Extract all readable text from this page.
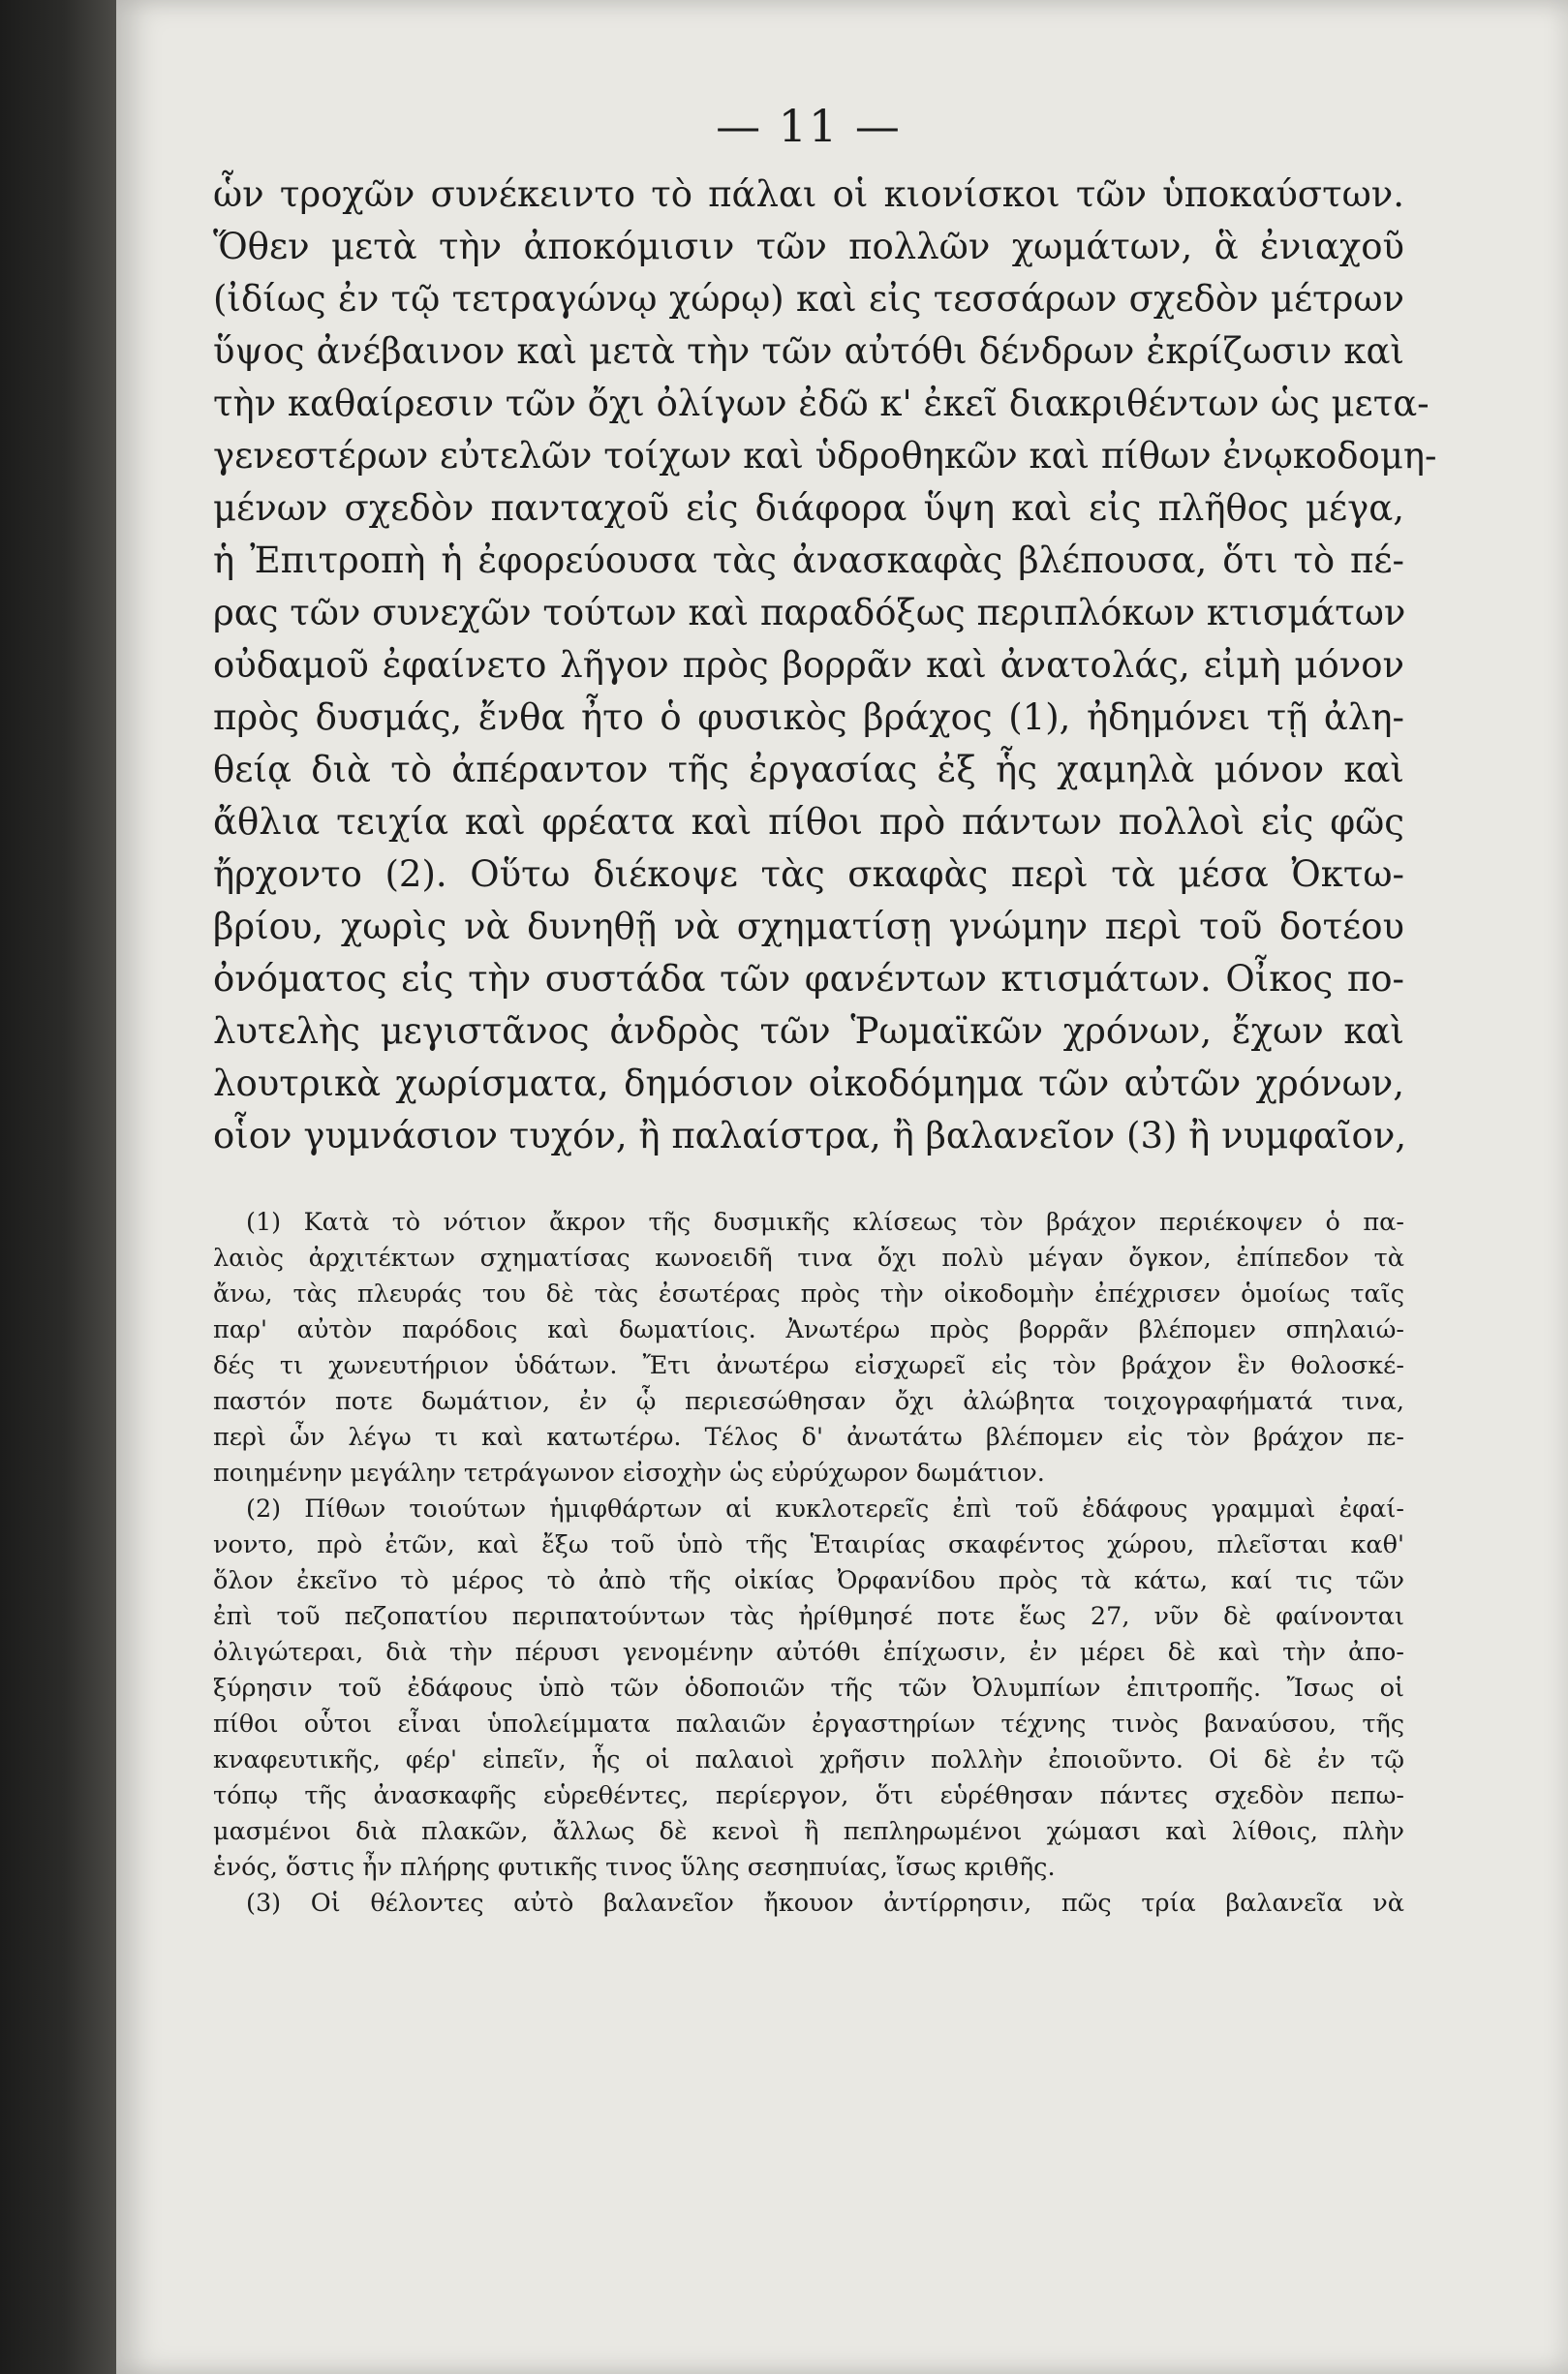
— 11 —
ὧν τροχῶν συνέκειντο τὸ πάλαι οἱ κιονίσκοι τῶν ὑποκαύστων.
Ὅθεν μετὰ τὴν ἀποκόμισιν τῶν πολλῶν χωμάτων, ἃ ἐνιαχοῦ
(ἰδίως ἐν τῷ τετραγώνῳ χώρῳ) καὶ εἰς τεσσάρων σχεδὸν μέτρων
ὕψος ἀνέβαινον καὶ μετὰ τὴν τῶν αὐτόθι δένδρων ἐκρίζωσιν καὶ
τὴν καθαίρεσιν τῶν ὄχι ὀλίγων ἐδῶ κ' ἐκεῖ διακριθέντων ὡς μετα-
γενεστέρων εὐτελῶν τοίχων καὶ ὑδροθηκῶν καὶ πίθων ἐνῳκοδομη-
μένων σχεδὸν πανταχοῦ εἰς διάφορα ὕψη καὶ εἰς πλῆθος μέγα,
ἡ Ἐπιτροπὴ ἡ ἐφορεύουσα τὰς ἀνασκαφὰς βλέπουσα, ὅτι τὸ πέ-
ρας τῶν συνεχῶν τούτων καὶ παραδόξως περιπλόκων κτισμάτων
οὐδαμοῦ ἐφαίνετο λῆγον πρὸς βορρᾶν καὶ ἀνατολάς, εἰμὴ μόνον
πρὸς δυσμάς, ἔνθα ἦτο ὁ φυσικὸς βράχος (1), ἠδημόνει τῇ ἀλη-
θείᾳ διὰ τὸ ἀπέραντον τῆς ἐργασίας ἐξ ἧς χαμηλὰ μόνον καὶ
ἄθλια τειχία καὶ φρέατα καὶ πίθοι πρὸ πάντων πολλοὶ εἰς φῶς
ἤρχοντο (2). Οὕτω διέκοψε τὰς σκαφὰς περὶ τὰ μέσα Ὀκτω-
βρίου, χωρὶς νὰ δυνηθῇ νὰ σχηματίσῃ γνώμην περὶ τοῦ δοτέου
ὀνόματος εἰς τὴν συστάδα τῶν φανέντων κτισμάτων. Οἶκος πο-
λυτελὴς μεγιστᾶνος ἀνδρὸς τῶν Ῥωμαϊκῶν χρόνων, ἔχων καὶ
λουτρικὰ χωρίσματα, δημόσιον οἰκοδόμημα τῶν αὐτῶν χρόνων,
οἷον γυμνάσιον τυχόν, ἢ παλαίστρα, ἢ βαλανεῖον (3) ἢ νυμφαῖον,
(1) Κατὰ τὸ νότιον ἄκρον τῆς δυσμικῆς κλίσεως τὸν βράχον περιέκοψεν ὁ πα-
λαιὸς ἀρχιτέκτων σχηματίσας κωνοειδῆ τινα ὄχι πολὺ μέγαν ὄγκον, ἐπίπεδον τὰ
ἄνω, τὰς πλευράς του δὲ τὰς ἐσωτέρας πρὸς τὴν οἰκοδομὴν ἐπέχρισεν ὁμοίως ταῖς
παρ' αὐτὸν παρόδοις καὶ δωματίοις. Ἀνωτέρω πρὸς βορρᾶν βλέπομεν σπηλαιώ-
δές τι χωνευτήριον ὑδάτων. Ἔτι ἀνωτέρω εἰσχωρεῖ εἰς τὸν βράχον ἓν θολοσκέ-
παστόν ποτε δωμάτιον, ἐν ᾧ περιεσώθησαν ὄχι ἀλώβητα τοιχογραφήματά τινα,
περὶ ὧν λέγω τι καὶ κατωτέρω. Τέλος δ' ἀνωτάτω βλέπομεν εἰς τὸν βράχον πε-
ποιημένην μεγάλην τετράγωνον εἰσοχὴν ὡς εὐρύχωρον δωμάτιον.
(2) Πίθων τοιούτων ἡμιφθάρτων αἱ κυκλοτερεῖς ἐπὶ τοῦ ἐδάφους γραμμαὶ ἐφαί-
νοντο, πρὸ ἐτῶν, καὶ ἔξω τοῦ ὑπὸ τῆς Ἑταιρίας σκαφέντος χώρου, πλεῖσται καθ'
ὅλον ἐκεῖνο τὸ μέρος τὸ ἀπὸ τῆς οἰκίας Ὀρφανίδου πρὸς τὰ κάτω, καί τις τῶν
ἐπὶ τοῦ πεζοπατίου περιπατούντων τὰς ἠρίθμησέ ποτε ἕως 27, νῦν δὲ φαίνονται
ὀλιγώτεραι, διὰ τὴν πέρυσι γενομένην αὐτόθι ἐπίχωσιν, ἐν μέρει δὲ καὶ τὴν ἀπο-
ξύρησιν τοῦ ἐδάφους ὑπὸ τῶν ὁδοποιῶν τῆς τῶν Ὀλυμπίων ἐπιτροπῆς. Ἴσως οἱ
πίθοι οὗτοι εἶναι ὑπολείμματα παλαιῶν ἐργαστηρίων τέχνης τινὸς βαναύσου, τῆς
κναφευτικῆς, φέρ' εἰπεῖν, ἧς οἱ παλαιοὶ χρῆσιν πολλὴν ἐποιοῦντο. Οἱ δὲ ἐν τῷ
τόπῳ τῆς ἀνασκαφῆς εὑρεθέντες, περίεργον, ὅτι εὑρέθησαν πάντες σχεδὸν πεπω-
μασμένοι διὰ πλακῶν, ἄλλως δὲ κενοὶ ἢ πεπληρωμένοι χώμασι καὶ λίθοις, πλὴν
ἑνός, ὅστις ἦν πλήρης φυτικῆς τινος ὕλης σεσηπυίας, ἴσως κριθῆς.
(3) Οἱ θέλοντες αὐτὸ βαλανεῖον ἤκουον ἀντίρρησιν, πῶς τρία βαλανεῖα νὰ
